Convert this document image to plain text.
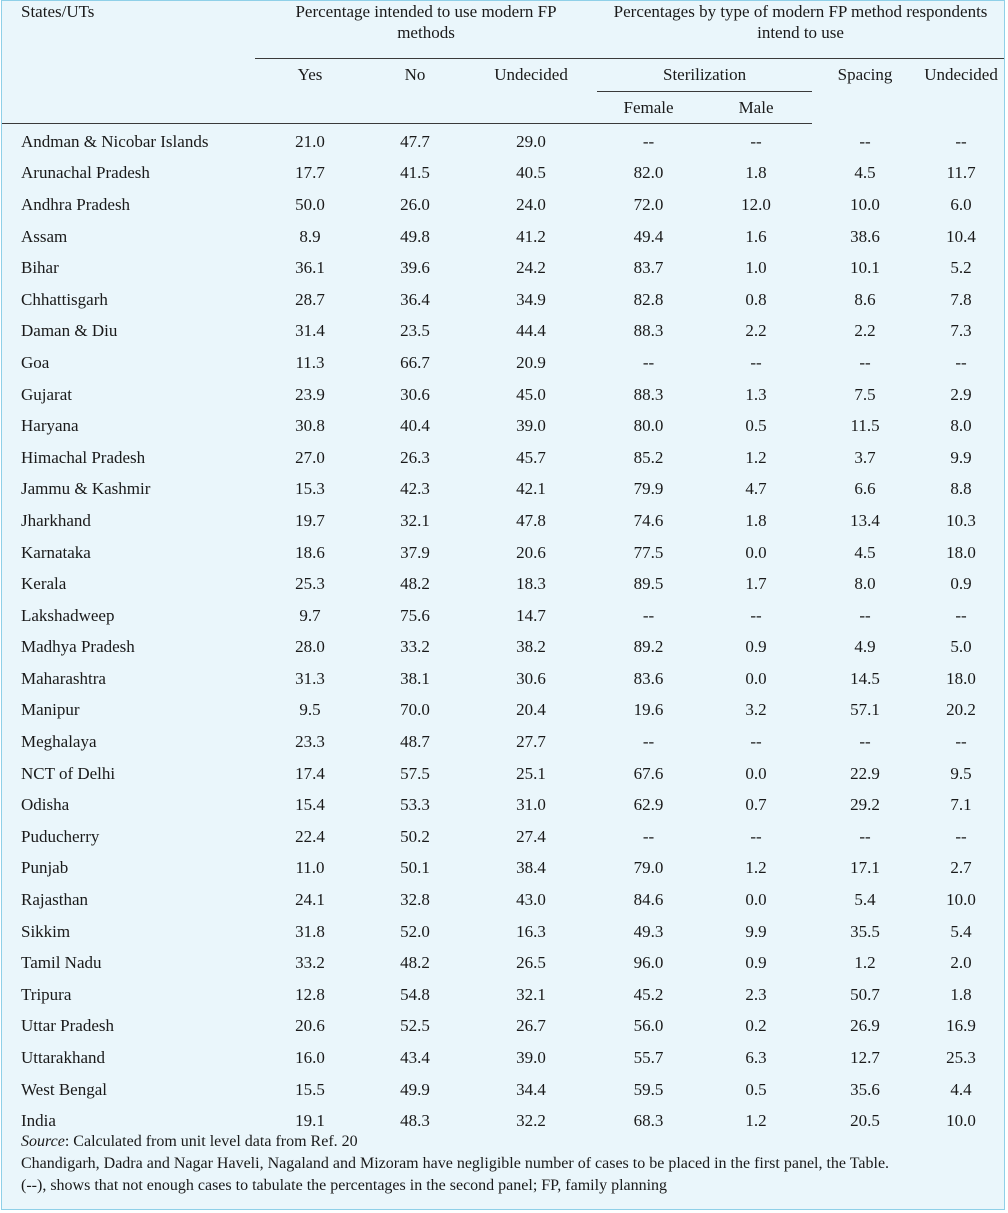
States/UTs	Percentage intended to use modern FP methods			Percentages by type of modern FP method respondents intend to use			
	Yes	No	Undecided	Sterilization		Spacing	Undecided
				Female	Male		
Andman & Nicobar Islands	21.0	47.7	29.0	--	--	--	--
Arunachal Pradesh	17.7	41.5	40.5	82.0	1.8	4.5	11.7
Andhra Pradesh	50.0	26.0	24.0	72.0	12.0	10.0	6.0
Assam	8.9	49.8	41.2	49.4	1.6	38.6	10.4
Bihar	36.1	39.6	24.2	83.7	1.0	10.1	5.2
Chhattisgarh	28.7	36.4	34.9	82.8	0.8	8.6	7.8
Daman & Diu	31.4	23.5	44.4	88.3	2.2	2.2	7.3
Goa	11.3	66.7	20.9	--	--	--	--
Gujarat	23.9	30.6	45.0	88.3	1.3	7.5	2.9
Haryana	30.8	40.4	39.0	80.0	0.5	11.5	8.0
Himachal Pradesh	27.0	26.3	45.7	85.2	1.2	3.7	9.9
Jammu & Kashmir	15.3	42.3	42.1	79.9	4.7	6.6	8.8
Jharkhand	19.7	32.1	47.8	74.6	1.8	13.4	10.3
Karnataka	18.6	37.9	20.6	77.5	0.0	4.5	18.0
Kerala	25.3	48.2	18.3	89.5	1.7	8.0	0.9
Lakshadweep	9.7	75.6	14.7	--	--	--	--
Madhya Pradesh	28.0	33.2	38.2	89.2	0.9	4.9	5.0
Maharashtra	31.3	38.1	30.6	83.6	0.0	14.5	18.0
Manipur	9.5	70.0	20.4	19.6	3.2	57.1	20.2
Meghalaya	23.3	48.7	27.7	--	--	--	--
NCT of Delhi	17.4	57.5	25.1	67.6	0.0	22.9	9.5
Odisha	15.4	53.3	31.0	62.9	0.7	29.2	7.1
Puducherry	22.4	50.2	27.4	--	--	--	--
Punjab	11.0	50.1	38.4	79.0	1.2	17.1	2.7
Rajasthan	24.1	32.8	43.0	84.6	0.0	5.4	10.0
Sikkim	31.8	52.0	16.3	49.3	9.9	35.5	5.4
Tamil Nadu	33.2	48.2	26.5	96.0	0.9	1.2	2.0
Tripura	12.8	54.8	32.1	45.2	2.3	50.7	1.8
Uttar Pradesh	20.6	52.5	26.7	56.0	0.2	26.9	16.9
Uttarakhand	16.0	43.4	39.0	55.7	6.3	12.7	25.3
West Bengal	15.5	49.9	34.4	59.5	0.5	35.6	4.4
India	19.1	48.3	32.2	68.3	1.2	20.5	10.0

Source: Calculated from unit level data from Ref. 20

Chandigarh, Dadra and Nagar Haveli, Nagaland and Mizoram have negligible number of cases to be placed in the first panel, the Table.

(--), shows that not enough cases to tabulate the percentages in the second panel; FP, family planning
